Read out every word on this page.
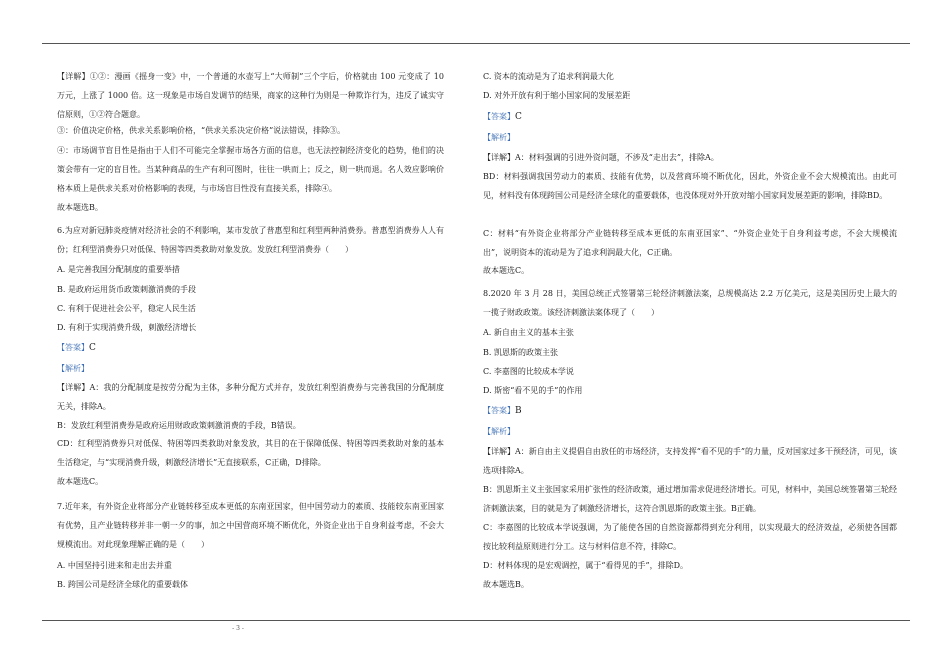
【详解】①②：漫画《摇身一变》中，一个普通的水壶写上“大师制”三个字后，价格就由 100 元变成了 10 万元，上涨了 1000 倍。这一现象是市场自发调节的结果，商家的这种行为则是一种欺诈行为，违反了诚实守信原则，①②符合题意。

③：价值决定价格，供求关系影响价格，“供求关系决定价格”说法错误，排除③。

④：市场调节盲目性是指由于人们不可能完全掌握市场各方面的信息，也无法控制经济变化的趋势，他们的决策会带有一定的盲目性。当某种商品的生产有利可图时，往往一哄而上；反之，则一哄而退。名人效应影响价格本质上是供求关系对价格影响的表现，与市场盲目性没有直接关系，排除④。

故本题选B。

6.为应对新冠肺炎疫情对经济社会的不利影响，某市发放了普惠型和红利型两种消费券。普惠型消费券人人有份；红利型消费券只对低保、特困等四类救助对象发放。发放红利型消费券（　　）

A. 是完善我国分配制度的重要举措

B. 是政府运用货币政策刺激消费的手段

C. 有利于促进社会公平，稳定人民生活

D. 有利于实现消费升级，刺激经济增长

【答案】C

【解析】

【详解】A：我的分配制度是按劳分配为主体，多种分配方式并存，发放红利型消费券与完善我国的分配制度无关，排除A。

B：发放红利型消费券是政府运用财政政策刺激消费的手段，B错误。

CD：红利型消费券只对低保、特困等四类救助对象发放，其目的在于保障低保、特困等四类救助对象的基本生活稳定，与“实现消费升级，刺激经济增长”无直接联系，C正确，D排除。

故本题选C。

7.近年来，有外资企业将部分产业链转移至成本更低的东南亚国家，但中国劳动力的素质、技能较东南亚国家有优势，且产业链转移并非一朝一夕的事，加之中国营商环境不断优化，外资企业出于自身利益考虑，不会大规模流出。对此现象理解正确的是（　　）

A. 中国坚持引进来和走出去并重

B. 跨国公司是经济全球化的重要载体

C. 资本的流动是为了追求利润最大化

D. 对外开放有利于缩小国家间的发展差距

【答案】C

【解析】

【详解】A：材料强调的引进外资问题，不涉及“走出去”，排除A。

BD：材料强调我国劳动力的素质、技能有优势，以及营商环境不断优化，因此，外资企业不会大规模流出。由此可见，材料没有体现跨国公司是经济全球化的重要载体，也没体现对外开放对缩小国家间发展差距的影响，排除BD。

C：材料“有外资企业将部分产业链转移至成本更低的东南亚国家”、“外资企业处于自身利益考虑，不会大规模流出”，说明资本的流动是为了追求利润最大化，C正确。

故本题选C。

8.2020 年 3 月 28 日，美国总统正式签署第三轮经济刺激法案，总规模高达 2.2 万亿美元，这是美国历史上最大的一揽子财政政策。该经济刺激法案体现了（　　）

A. 新自由主义的基本主张

B. 凯恩斯的政策主张

C. 李嘉图的比较成本学说

D. 斯密“看不见的手”的作用

【答案】B

【解析】

【详解】A：新自由主义提倡自由放任的市场经济，支持发挥“看不见的手”的力量，反对国家过多干预经济，可见，该选项排除A。

B：凯恩斯主义主张国家采用扩张性的经济政策，通过增加需求促进经济增长。可见，材料中，美国总统签署第三轮经济刺激法案，目的就是为了刺激经济增长，这符合凯恩斯的政策主张。B正确。

C：李嘉图的比较成本学说强调，为了能使各国的自然资源都得到充分利用，以实现最大的经济效益，必须使各国都按比较利益原则进行分工。这与材料信息不符，排除C。

D：材料体现的是宏观调控，属于“看得见的手”，排除D。

故本题选B。

- 3 -
